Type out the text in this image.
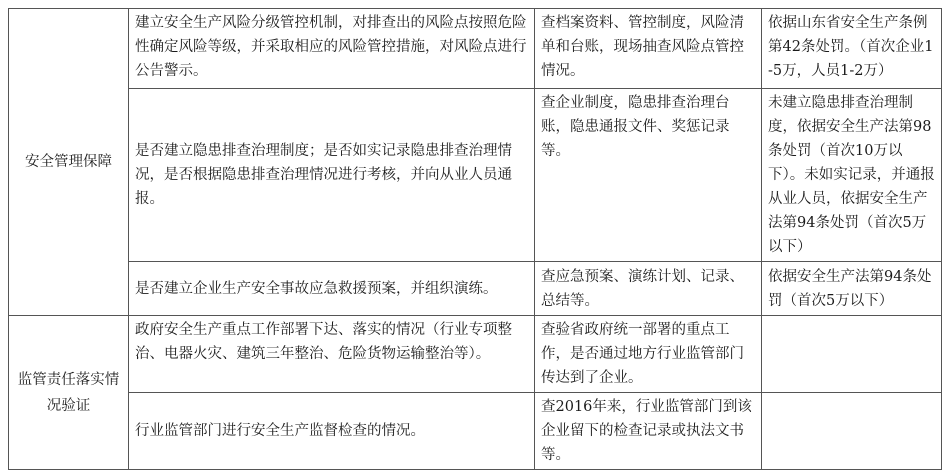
安全管理保障	建立安全生产风险分级管控机制，对排查出的风险点按照危险性确定风险等级，并采取相应的风险管控措施，对风险点进行公告警示。	查档案资料、管控制度，风险清单和台账，现场抽查风险点管控情况。	依据山东省安全生产条例第42条处罚。（首次企业1-5万，人员1-2万）
	是否建立隐患排查治理制度；是否如实记录隐患排查治理情况，是否根据隐患排查治理情况进行考核，并向从业人员通报。	查企业制度，隐患排查治理台账，隐患通报文件、奖惩记录等。	未建立隐患排查治理制度，依据安全生产法第98条处罚（首次10万以下）。未如实记录，并通报从业人员，依据安全生产法第94条处罚（首次5万以下）
	是否建立企业生产安全事故应急救援预案，并组织演练。	查应急预案、演练计划、记录、总结等。	依据安全生产法第94条处罚（首次5万以下）
监管责任落实情况验证	政府安全生产重点工作部署下达、落实的情况（行业专项整治、电器火灾、建筑三年整治、危险货物运输整治等）。	查验省政府统一部署的重点工作，是否通过地方行业监管部门传达到了企业。	
	行业监管部门进行安全生产监督检查的情况。	查2016年来，行业监管部门到该企业留下的检查记录或执法文书等。	
